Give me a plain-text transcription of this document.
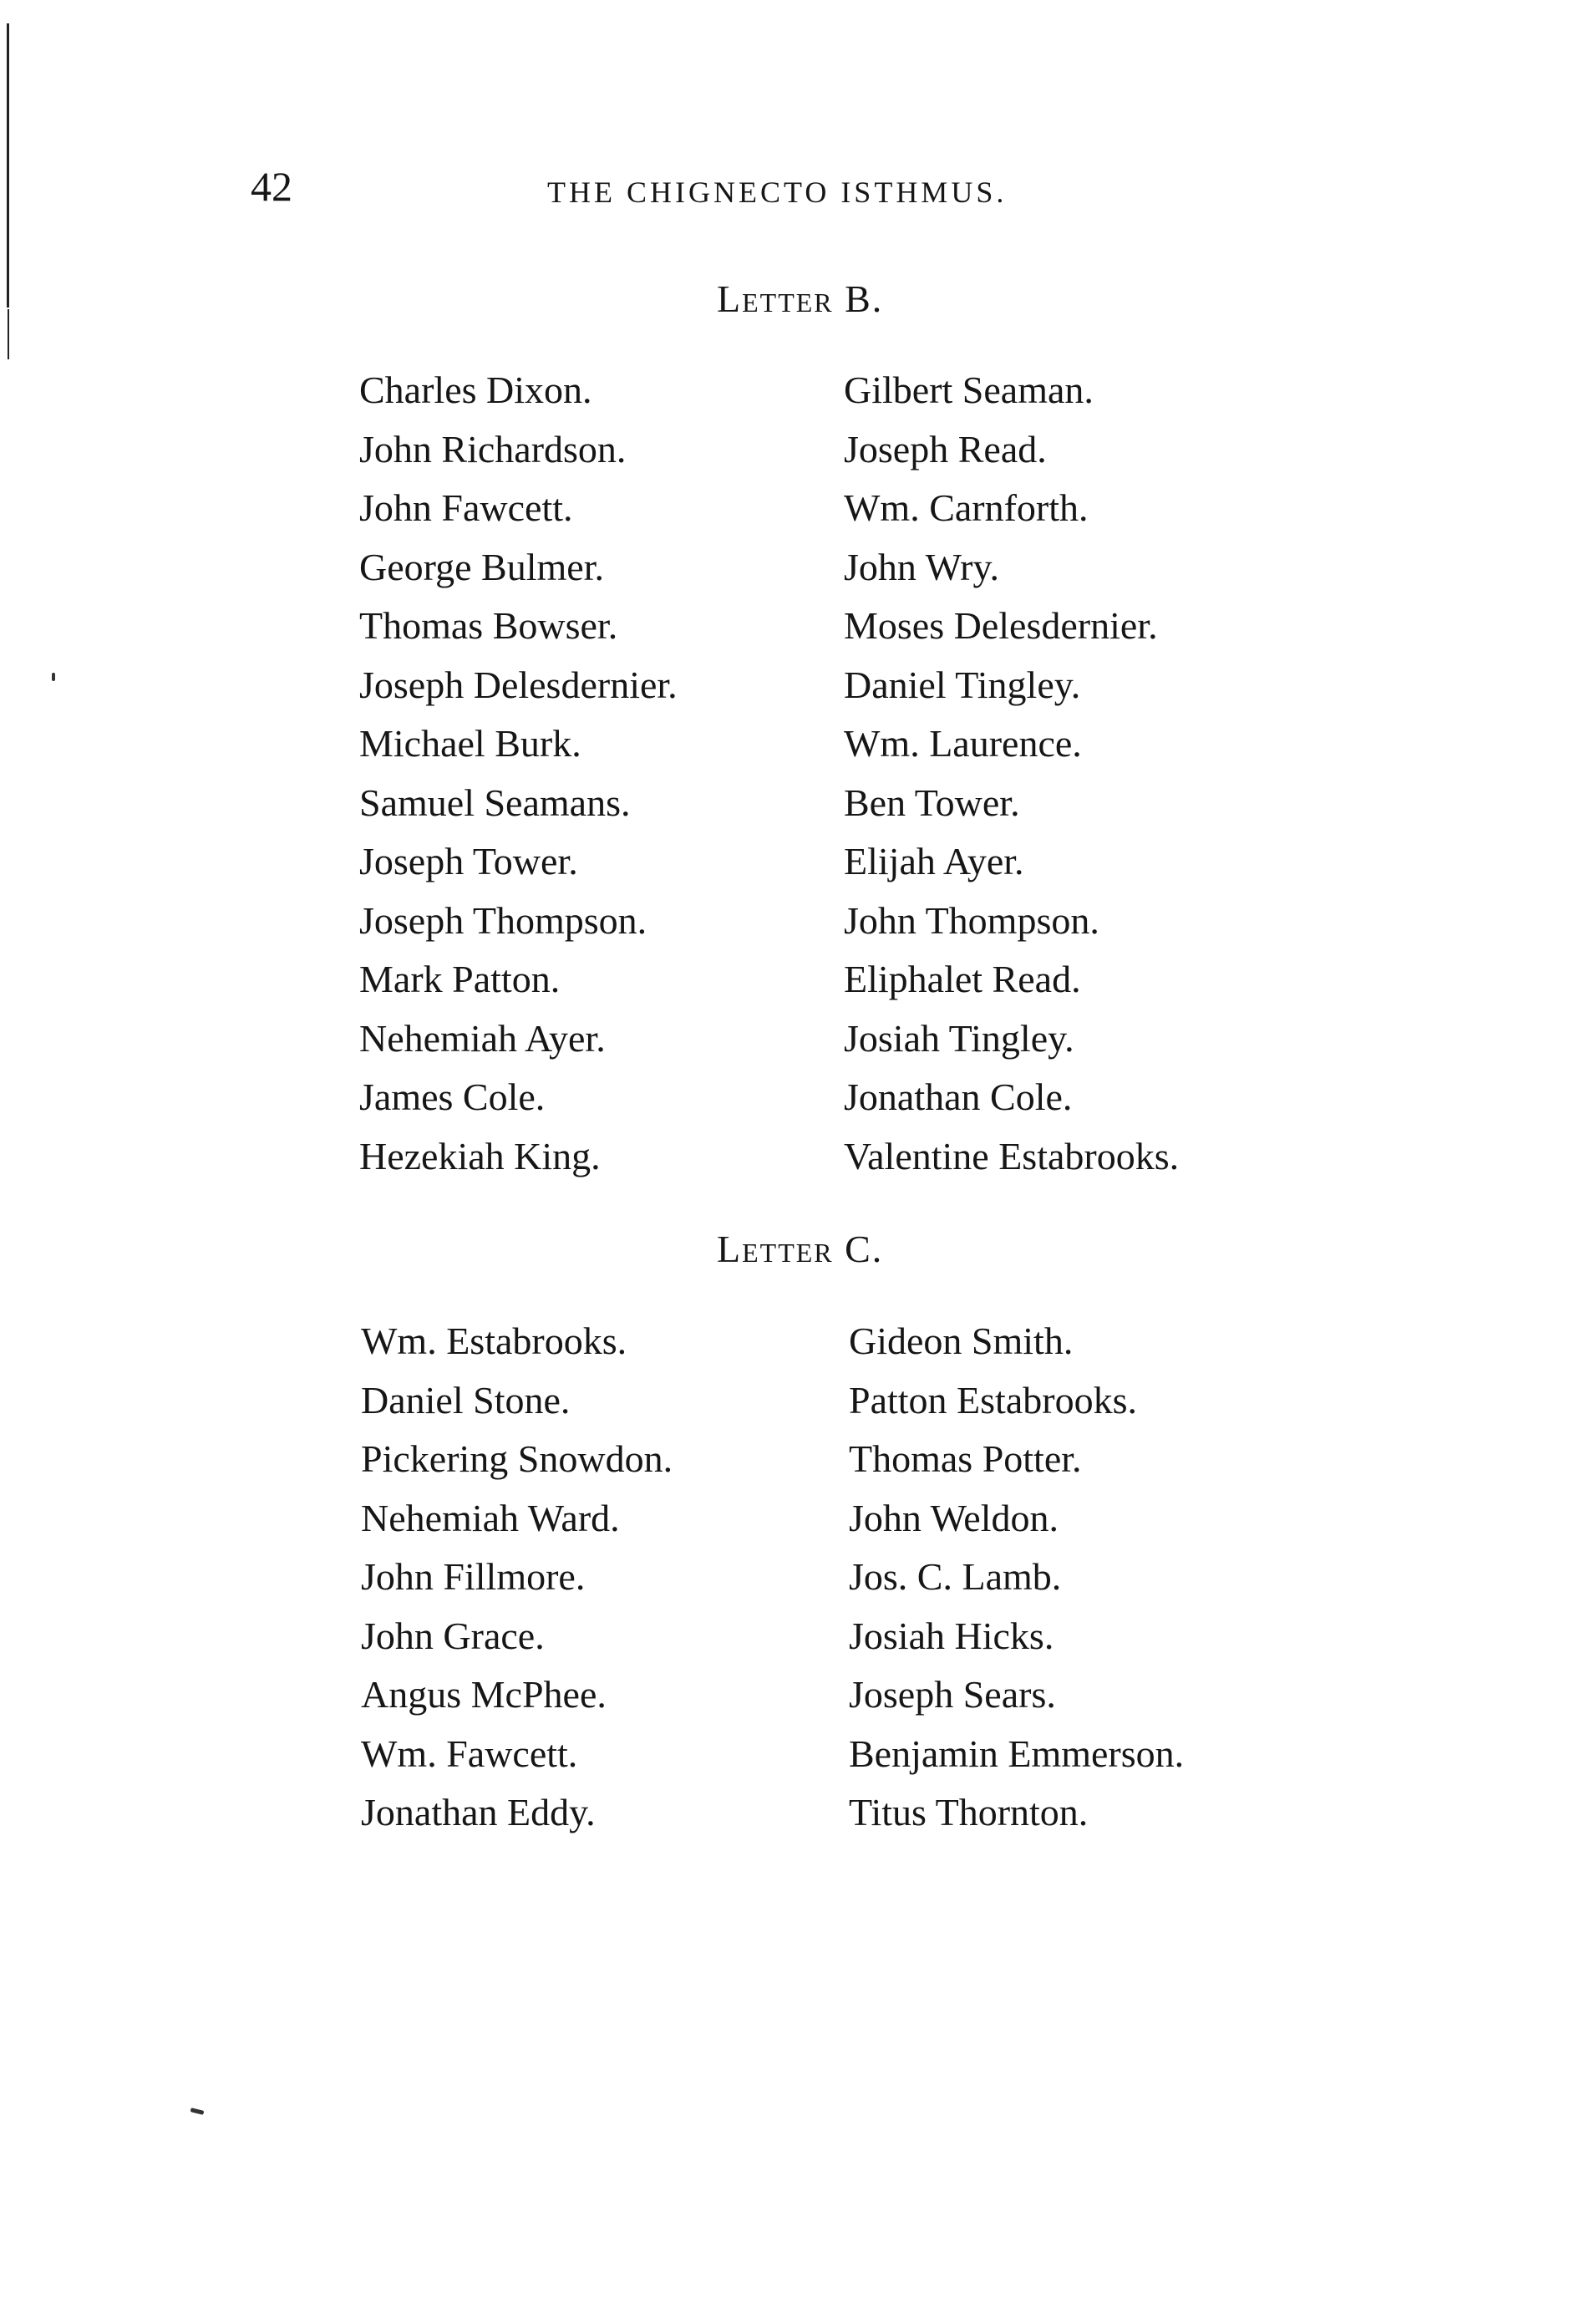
42	THE CHIGNECTO ISTHMUS.
Letter B.
Charles Dixon.
John Richardson.
John Fawcett.
George Bulmer.
Thomas Bowser.
Joseph Delesdernier.
Michael Burk.
Samuel Seamans.
Joseph Tower.
Joseph Thompson.
Mark Patton.
Nehemiah Ayer.
James Cole.
Hezekiah King.
Gilbert Seaman.
Joseph Read.
Wm. Carnforth.
John Wry.
Moses Delesdernier.
Daniel Tingley.
Wm. Laurence.
Ben Tower.
Elijah Ayer.
John Thompson.
Eliphalet Read.
Josiah Tingley.
Jonathan Cole.
Valentine Estabrooks.
Letter C.
Wm. Estabrooks.
Daniel Stone.
Pickering Snowdon.
Nehemiah Ward.
John Fillmore.
John Grace.
Angus McPhee.
Wm. Fawcett.
Jonathan Eddy.
Gideon Smith.
Patton Estabrooks.
Thomas Potter.
John Weldon.
Jos. C. Lamb.
Josiah Hicks.
Joseph Sears.
Benjamin Emmerson.
Titus Thornton.
